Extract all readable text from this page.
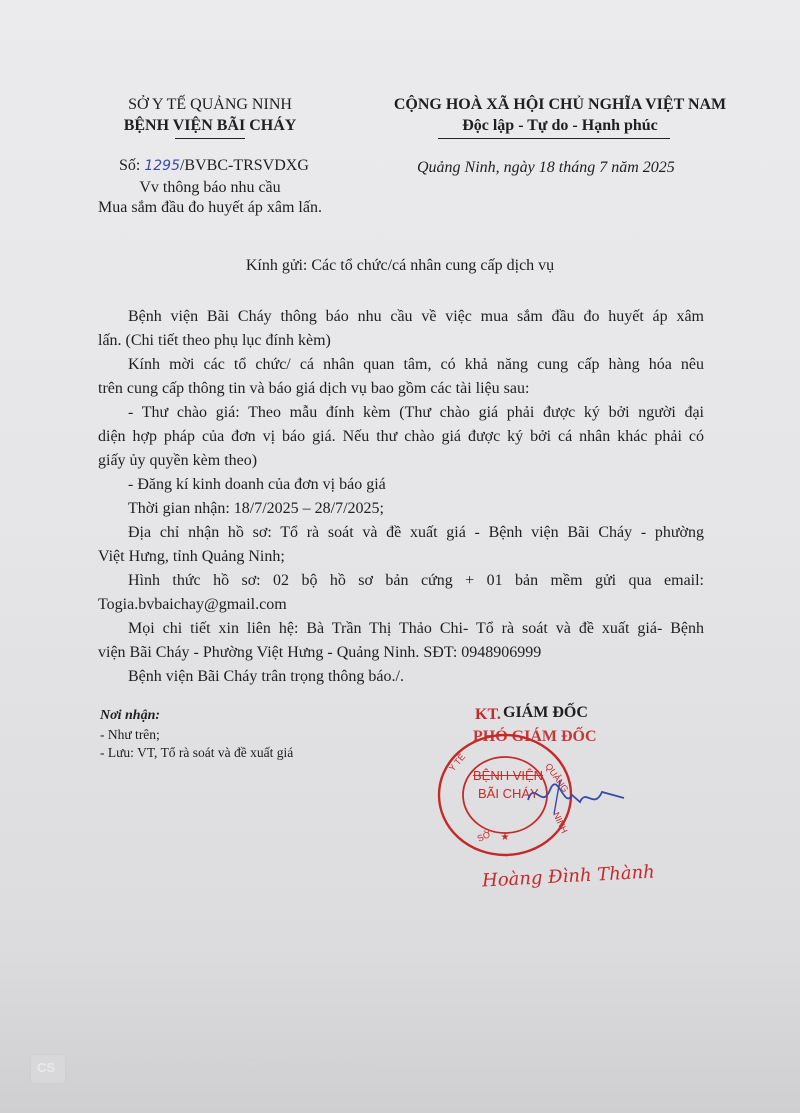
SỞ Y TẾ QUẢNG NINH
BỆNH VIỆN BÃI CHÁY
CỘNG HOÀ XÃ HỘI CHỦ NGHĨA VIỆT NAM
Độc lập - Tự do - Hạnh phúc
Số: 1295/BVBC-TRSVDXG	Quảng Ninh, ngày 18 tháng 7 năm 2025
Vv thông báo nhu cầu
Mua sắm đầu đo huyết áp xâm lấn.
Kính gửi: Các tổ chức/cá nhân cung cấp dịch vụ
Bệnh viện Bãi Cháy thông báo nhu cầu về việc mua sắm đầu đo huyết áp xâm
lấn. (Chi tiết theo phụ lục đính kèm)
Kính mời các tổ chức/ cá nhân quan tâm, có khả năng cung cấp hàng hóa nêu
trên cung cấp thông tin và báo giá dịch vụ bao gồm các tài liệu sau:
- Thư chào giá: Theo mẫu đính kèm (Thư chào giá phải được ký bởi người đại
diện hợp pháp của đơn vị báo giá. Nếu thư chào giá được ký bởi cá nhân khác phải có
giấy ủy quyền kèm theo)
- Đăng kí kinh doanh của đơn vị báo giá
Thời gian nhận: 18/7/2025 – 28/7/2025;
Địa chỉ nhận hồ sơ: Tổ rà soát và đề xuất giá - Bệnh viện Bãi Cháy - phường
Việt Hưng, tỉnh Quảng Ninh;
Hình thức hồ sơ: 02 bộ hồ sơ bản cứng + 01 bản mềm gửi qua email:
Togia.bvbaichay@gmail.com
Mọi chi tiết xin liên hệ: Bà Trần Thị Thảo Chi- Tổ rà soát và đề xuất giá- Bệnh
viện Bãi Cháy - Phường Việt Hưng - Quảng Ninh. SĐT: 0948906999
Bệnh viện Bãi Cháy trân trọng thông báo./.
Nơi nhận:
- Như trên;
- Lưu: VT, Tổ rà soát và đề xuất giá
KT. GIÁM ĐỐC
PHÓ GIÁM ĐỐC
Y TẾ	QUẢNG
NINH
SỞ ★
BỆNH VIỆN
BÃI CHÁY
Hoàng Đình Thành
CS Được quét bằng CamScanner
